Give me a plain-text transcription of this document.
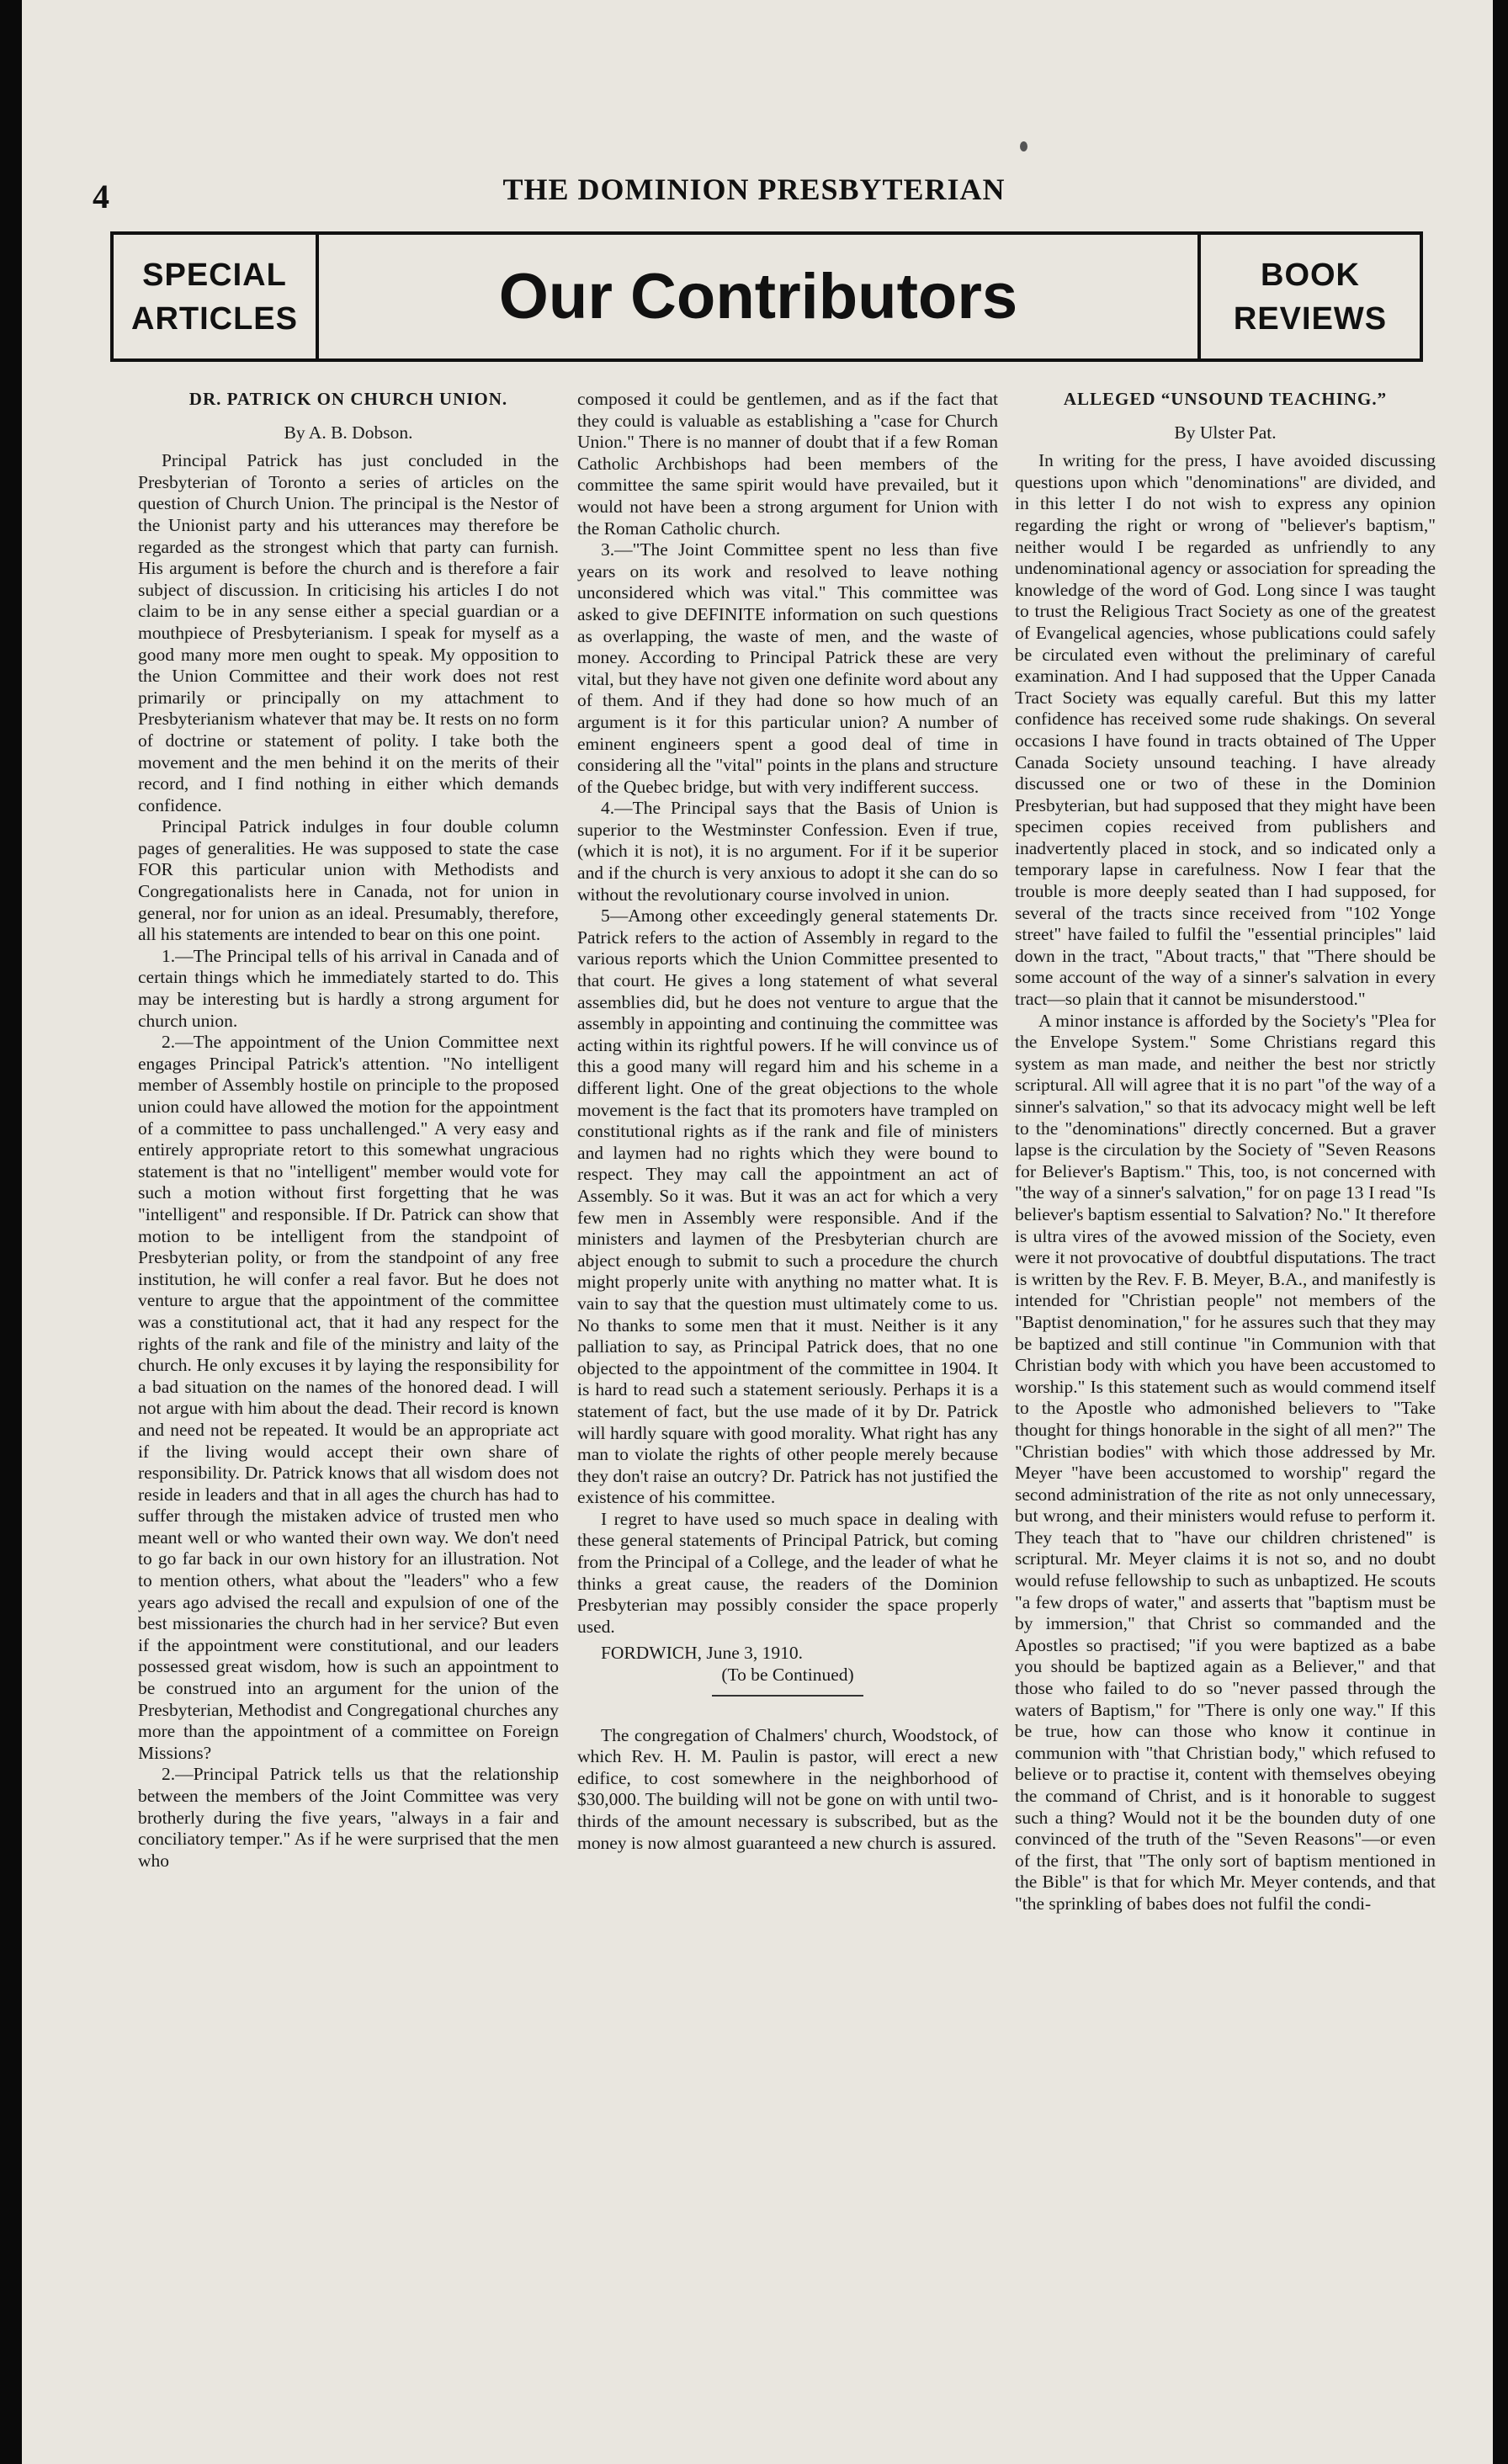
4	THE DOMINION PRESBYTERIAN
SPECIAL
ARTICLES	Our Contributors	BOOK
REVIEWS
DR. PATRICK ON CHURCH UNION.

By A. B. Dobson.

Principal Patrick has just concluded in the Presbyterian of Toronto a series of articles on the question of Church Union. The principal is the Nestor of the Unionist party and his utterances may therefore be regarded as the strongest which that party can furnish. His argument is before the church and is therefore a fair subject of discussion. In criticising his articles I do not claim to be in any sense either a special guardian or a mouthpiece of Presbyterianism. I speak for myself as a good many more men ought to speak. My opposition to the Union Committee and their work does not rest primarily or principally on my attachment to Presbyterianism whatever that may be. It rests on no form of doctrine or statement of polity. I take both the movement and the men behind it on the merits of their record, and I find nothing in either which demands confidence.

Principal Patrick indulges in four double column pages of generalities. He was supposed to state the case FOR this particular union with Methodists and Congregationalists here in Canada, not for union in general, nor for union as an ideal. Presumably, therefore, all his statements are intended to bear on this one point.

1.—The Principal tells of his arrival in Canada and of certain things which he immediately started to do. This may be interesting but is hardly a strong argument for church union.

2.—The appointment of the Union Committee next engages Principal Patrick's attention. "No intelligent member of Assembly hostile on principle to the proposed union could have allowed the motion for the appointment of a committee to pass unchallenged." A very easy and entirely appropriate retort to this somewhat ungracious statement is that no "intelligent" member would vote for such a motion without first forgetting that he was "intelligent" and responsible. If Dr. Patrick can show that motion to be intelligent from the standpoint of Presbyterian polity, or from the standpoint of any free institution, he will confer a real favor. But he does not venture to argue that the appointment of the committee was a constitutional act, that it had any respect for the rights of the rank and file of the ministry and laity of the church. He only excuses it by laying the responsibility for a bad situation on the names of the honored dead. I will not argue with him about the dead. Their record is known and need not be repeated. It would be an appropriate act if the living would accept their own share of responsibility. Dr. Patrick knows that all wisdom does not reside in leaders and that in all ages the church has had to suffer through the mistaken advice of trusted men who meant well or who wanted their own way. We don't need to go far back in our own history for an illustration. Not to mention others, what about the "leaders" who a few years ago advised the recall and expulsion of one of the best missionaries the church had in her service? But even if the appointment were constitutional, and our leaders possessed great wisdom, how is such an appointment to be construed into an argument for the union of the Presbyterian, Methodist and Congregational churches any more than the appointment of a committee on Foreign Missions?

2.—Principal Patrick tells us that the relationship between the members of the Joint Committee was very brotherly during the five years, "always in a fair and conciliatory temper." As if he were surprised that the men who

composed it could be gentlemen, and as if the fact that they could is valuable as establishing a "case for Church Union." There is no manner of doubt that if a few Roman Catholic Archbishops had been members of the committee the same spirit would have prevailed, but it would not have been a strong argument for Union with the Roman Catholic church.

3.—"The Joint Committee spent no less than five years on its work and resolved to leave nothing unconsidered which was vital." This committee was asked to give DEFINITE information on such questions as overlapping, the waste of men, and the waste of money. According to Principal Patrick these are very vital, but they have not given one definite word about any of them. And if they had done so how much of an argument is it for this particular union? A number of eminent engineers spent a good deal of time in considering all the "vital" points in the plans and structure of the Quebec bridge, but with very indifferent success.

4.—The Principal says that the Basis of Union is superior to the Westminster Confession. Even if true, (which it is not), it is no argument. For if it be superior and if the church is very anxious to adopt it she can do so without the revolutionary course involved in union.

5—Among other exceedingly general statements Dr. Patrick refers to the action of Assembly in regard to the various reports which the Union Committee presented to that court. He gives a long statement of what several assemblies did, but he does not venture to argue that the assembly in appointing and continuing the committee was acting within its rightful powers. If he will convince us of this a good many will regard him and his scheme in a different light. One of the great objections to the whole movement is the fact that its promoters have trampled on constitutional rights as if the rank and file of ministers and laymen had no rights which they were bound to respect. They may call the appointment an act of Assembly. So it was. But it was an act for which a very few men in Assembly were responsible. And if the ministers and laymen of the Presbyterian church are abject enough to submit to such a procedure the church might properly unite with anything no matter what. It is vain to say that the question must ultimately come to us. No thanks to some men that it must. Neither is it any palliation to say, as Principal Patrick does, that no one objected to the appointment of the committee in 1904. It is hard to read such a statement seriously. Perhaps it is a statement of fact, but the use made of it by Dr. Patrick will hardly square with good morality. What right has any man to violate the rights of other people merely because they don't raise an outcry? Dr. Patrick has not justified the existence of his committee.

I regret to have used so much space in dealing with these general statements of Principal Patrick, but coming from the Principal of a College, and the leader of what he thinks a great cause, the readers of the Dominion Presbyterian may possibly consider the space properly used.

FORDWICH, June 3, 1910.

(To be Continued)

The congregation of Chalmers' church, Woodstock, of which Rev. H. M. Paulin is pastor, will erect a new edifice, to cost somewhere in the neighborhood of $30,000. The building will not be gone on with until two-thirds of the amount necessary is subscribed, but as the money is now almost guaranteed a new church is assured.

ALLEGED “UNSOUND TEACHING.”

By Ulster Pat.

In writing for the press, I have avoided discussing questions upon which "denominations" are divided, and in this letter I do not wish to express any opinion regarding the right or wrong of "believer's baptism," neither would I be regarded as unfriendly to any undenominational agency or association for spreading the knowledge of the word of God. Long since I was taught to trust the Religious Tract Society as one of the greatest of Evangelical agencies, whose publications could safely be circulated even without the preliminary of careful examination. And I had supposed that the Upper Canada Tract Society was equally careful. But this my latter confidence has received some rude shakings. On several occasions I have found in tracts obtained of The Upper Canada Society unsound teaching. I have already discussed one or two of these in the Dominion Presbyterian, but had supposed that they might have been specimen copies received from publishers and inadvertently placed in stock, and so indicated only a temporary lapse in carefulness. Now I fear that the trouble is more deeply seated than I had supposed, for several of the tracts since received from "102 Yonge street" have failed to fulfil the "essential principles" laid down in the tract, "About tracts," that "There should be some account of the way of a sinner's salvation in every tract—so plain that it cannot be misunderstood."

A minor instance is afforded by the Society's "Plea for the Envelope System." Some Christians regard this system as man made, and neither the best nor strictly scriptural. All will agree that it is no part "of the way of a sinner's salvation," so that its advocacy might well be left to the "denominations" directly concerned. But a graver lapse is the circulation by the Society of "Seven Reasons for Believer's Baptism." This, too, is not concerned with "the way of a sinner's salvation," for on page 13 I read "Is believer's baptism essential to Salvation? No." It therefore is ultra vires of the avowed mission of the Society, even were it not provocative of doubtful disputations. The tract is written by the Rev. F. B. Meyer, B.A., and manifestly is intended for "Christian people" not members of the "Baptist denomination," for he assures such that they may be baptized and still continue "in Communion with that Christian body with which you have been accustomed to worship." Is this statement such as would commend itself to the Apostle who admonished believers to "Take thought for things honorable in the sight of all men?" The "Christian bodies" with which those addressed by Mr. Meyer "have been accustomed to worship" regard the second administration of the rite as not only unnecessary, but wrong, and their ministers would refuse to perform it. They teach that to "have our children christened" is scriptural. Mr. Meyer claims it is not so, and no doubt would refuse fellowship to such as unbaptized. He scouts "a few drops of water," and asserts that "baptism must be by immersion," that Christ so commanded and the Apostles so practised; "if you were baptized as a babe you should be baptized again as a Believer," and that those who failed to do so "never passed through the waters of Baptism," for "There is only one way." If this be true, how can those who know it continue in communion with "that Christian body," which refused to believe or to practise it, content with themselves obeying the command of Christ, and is it honorable to suggest such a thing? Would not it be the bounden duty of one convinced of the truth of the "Seven Reasons"—or even of the first, that "The only sort of baptism mentioned in the Bible" is that for which Mr. Meyer contends, and that "the sprinkling of babes does not fulfil the condi-
